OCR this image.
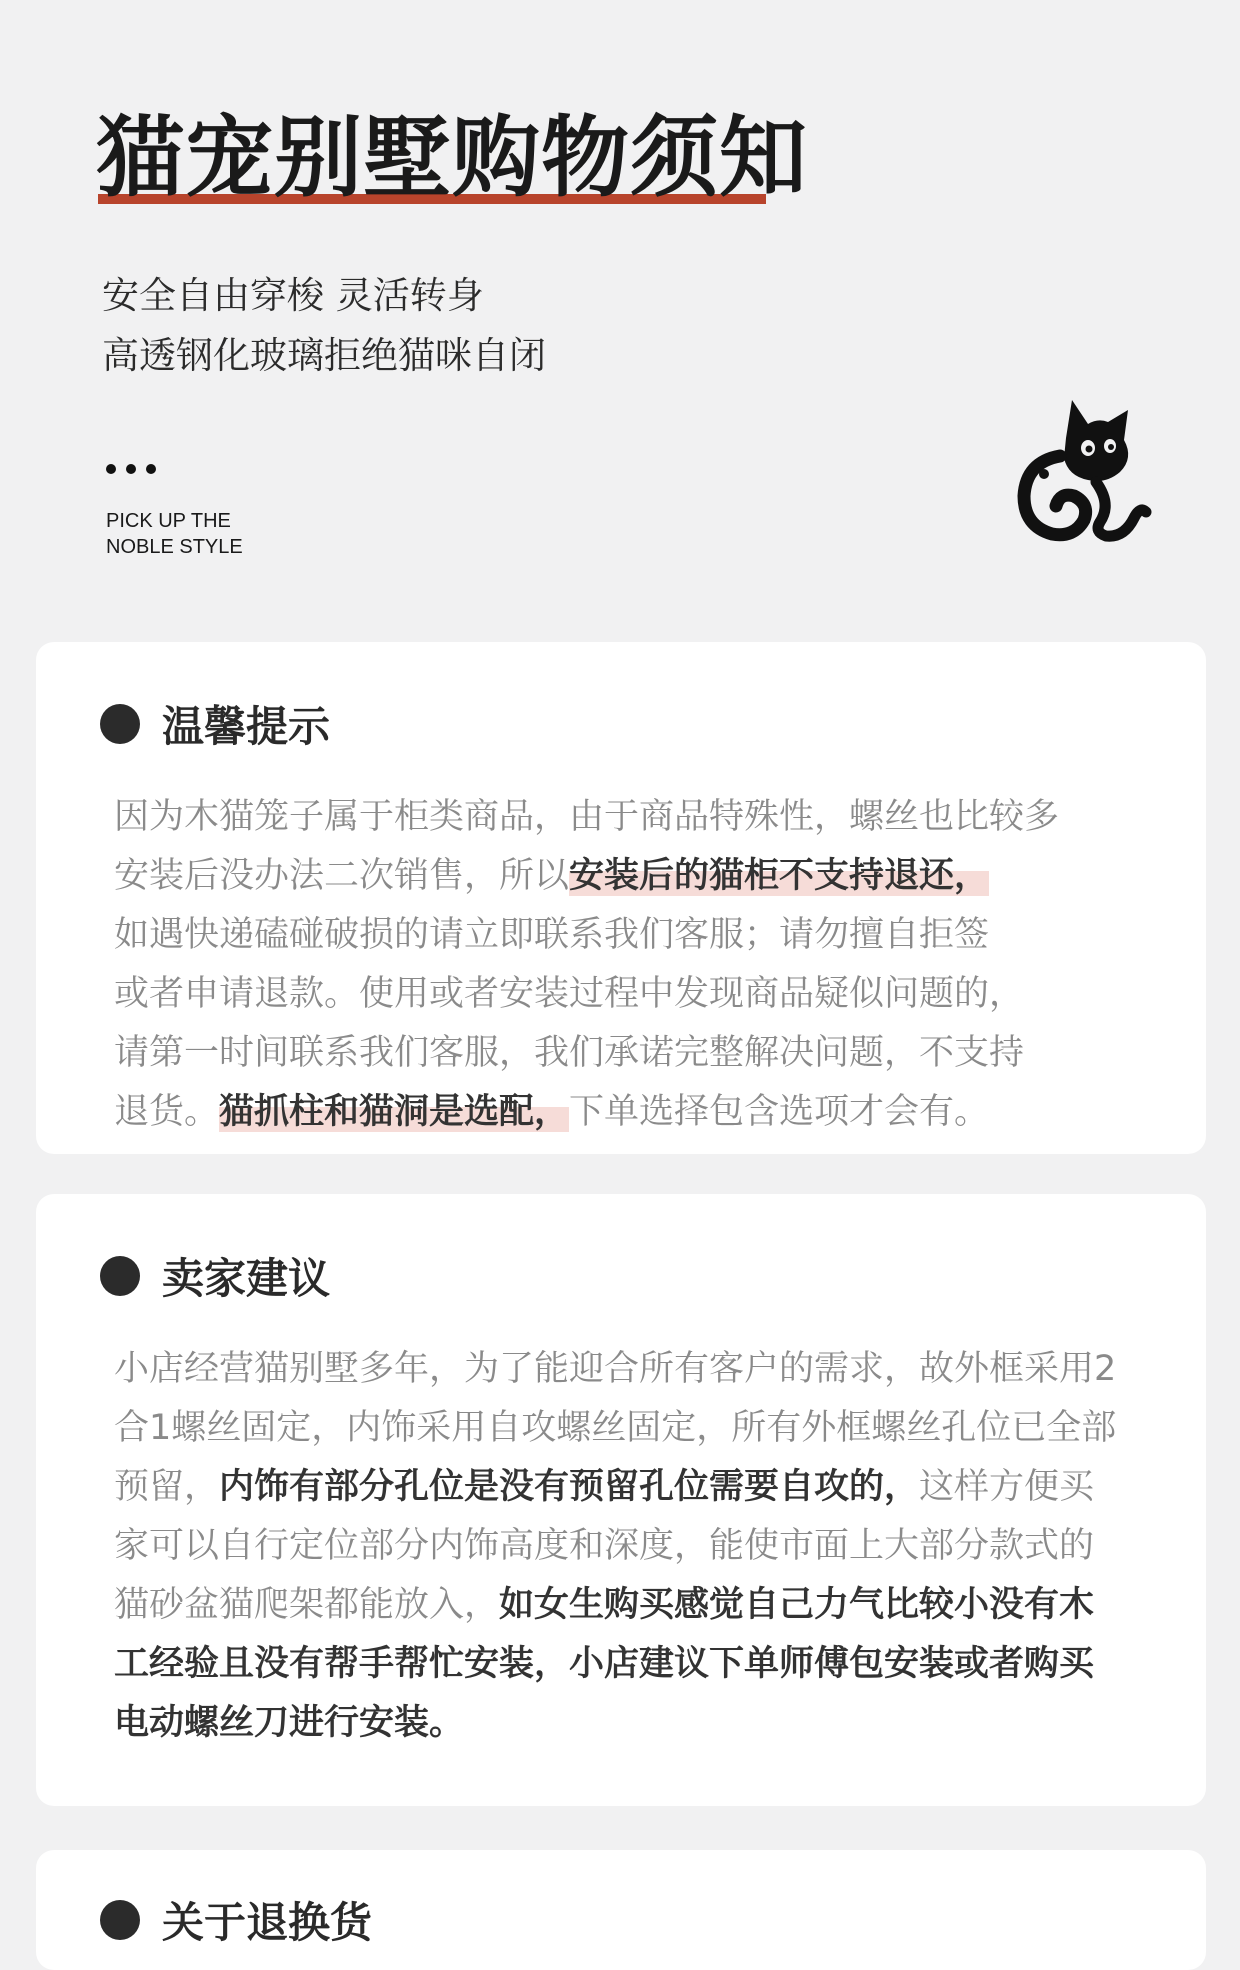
猫宠别墅购物须知
安全自由穿梭 灵活转身
高透钢化玻璃拒绝猫咪自闭
PICK UP THE
NOBLE STYLE
温馨提示
因为木猫笼子属于柜类商品，由于商品特殊性，螺丝也比较多
安装后没办法二次销售，所以安装后的猫柜不支持退还，
如遇快递磕碰破损的请立即联系我们客服；请勿擅自拒签
或者申请退款。使用或者安装过程中发现商品疑似问题的，
请第一时间联系我们客服，我们承诺完整解决问题，不支持
退货。猫抓柱和猫洞是选配，下单选择包含选项才会有。
卖家建议
小店经营猫别墅多年，为了能迎合所有客户的需求，故外框采用2
合1螺丝固定，内饰采用自攻螺丝固定，所有外框螺丝孔位已全部
预留，内饰有部分孔位是没有预留孔位需要自攻的，这样方便买
家可以自行定位部分内饰高度和深度，能使市面上大部分款式的
猫砂盆猫爬架都能放入，如女生购买感觉自己力气比较小没有木
工经验且没有帮手帮忙安装，小店建议下单师傅包安装或者购买
电动螺丝刀进行安装。
关于退换货
